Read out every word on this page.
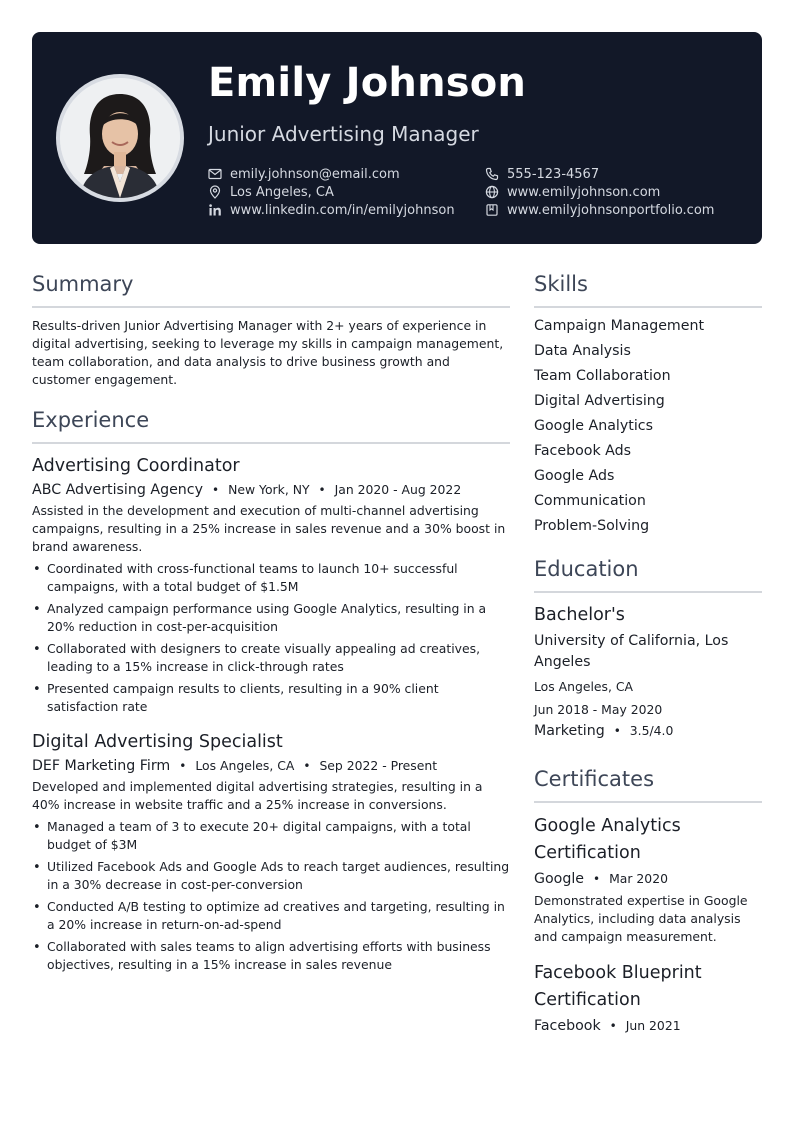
Emily Johnson
Junior Advertising Manager
emily.johnson@email.com
Los Angeles, CA
www.linkedin.com/in/emilyjohnson
555-123-4567
www.emilyjohnson.com
www.emilyjohnsonportfolio.com
Summary

Results-driven Junior Advertising Manager with 2+ years of experience in digital advertising, seeking to leverage my skills in campaign management, team collaboration, and data analysis to drive business growth and customer engagement.

Experience
Advertising Coordinator
ABC Advertising Agency • New York, NY • Jan 2020 - Aug 2022

Assisted in the development and execution of multi-channel advertising campaigns, resulting in a 25% increase in sales revenue and a 30% boost in brand awareness.

• Coordinated with cross-functional teams to launch 10+ successful campaigns, with a total budget of $1.5M
• Analyzed campaign performance using Google Analytics, resulting in a 20% reduction in cost-per-acquisition
• Collaborated with designers to create visually appealing ad creatives, leading to a 15% increase in click-through rates
• Presented campaign results to clients, resulting in a 90% client satisfaction rate
Digital Advertising Specialist
DEF Marketing Firm • Los Angeles, CA • Sep 2022 - Present

Developed and implemented digital advertising strategies, resulting in a 40% increase in website traffic and a 25% increase in conversions.

• Managed a team of 3 to execute 20+ digital campaigns, with a total budget of $3M
• Utilized Facebook Ads and Google Ads to reach target audiences, resulting in a 30% decrease in cost-per-conversion
• Conducted A/B testing to optimize ad creatives and targeting, resulting in a 20% increase in return-on-ad-spend
• Collaborated with sales teams to align advertising efforts with business objectives, resulting in a 15% increase in sales revenue
Skills
Campaign Management
Data Analysis
Team Collaboration
Digital Advertising
Google Analytics
Facebook Ads
Google Ads
Communication
Problem-Solving
Education
Bachelor's
University of California, Los Angeles
Los Angeles, CA
Jun 2018 - May 2020
Marketing • 3.5/4.0
Certificates
Google Analytics Certification
Google • Mar 2020

Demonstrated expertise in Google Analytics, including data analysis and campaign measurement.

Facebook Blueprint Certification
Facebook • Jun 2021
